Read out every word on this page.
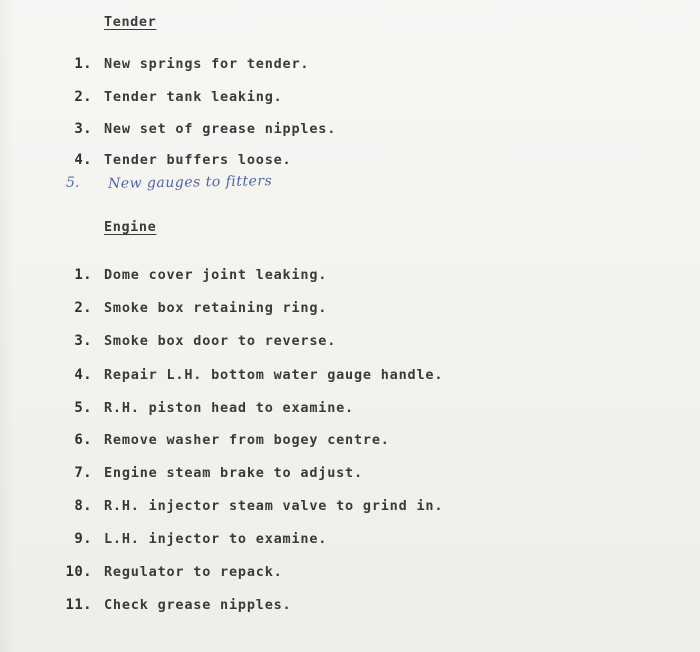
Tender
1. New springs for tender.
2. Tender tank leaking.
3. New set of grease nipples.
4. Tender buffers loose.
5. New gauges to fitters
Engine
1. Dome cover joint leaking.
2. Smoke box retaining ring.
3. Smoke box door to reverse.
4. Repair L.H. bottom water gauge handle.
5. R.H. piston head to examine.
6. Remove washer from bogey centre.
7. Engine steam brake to adjust.
8. R.H. injector steam valve to grind in.
9. L.H. injector to examine.
10. Regulator to repack.
11. Check grease nipples.
